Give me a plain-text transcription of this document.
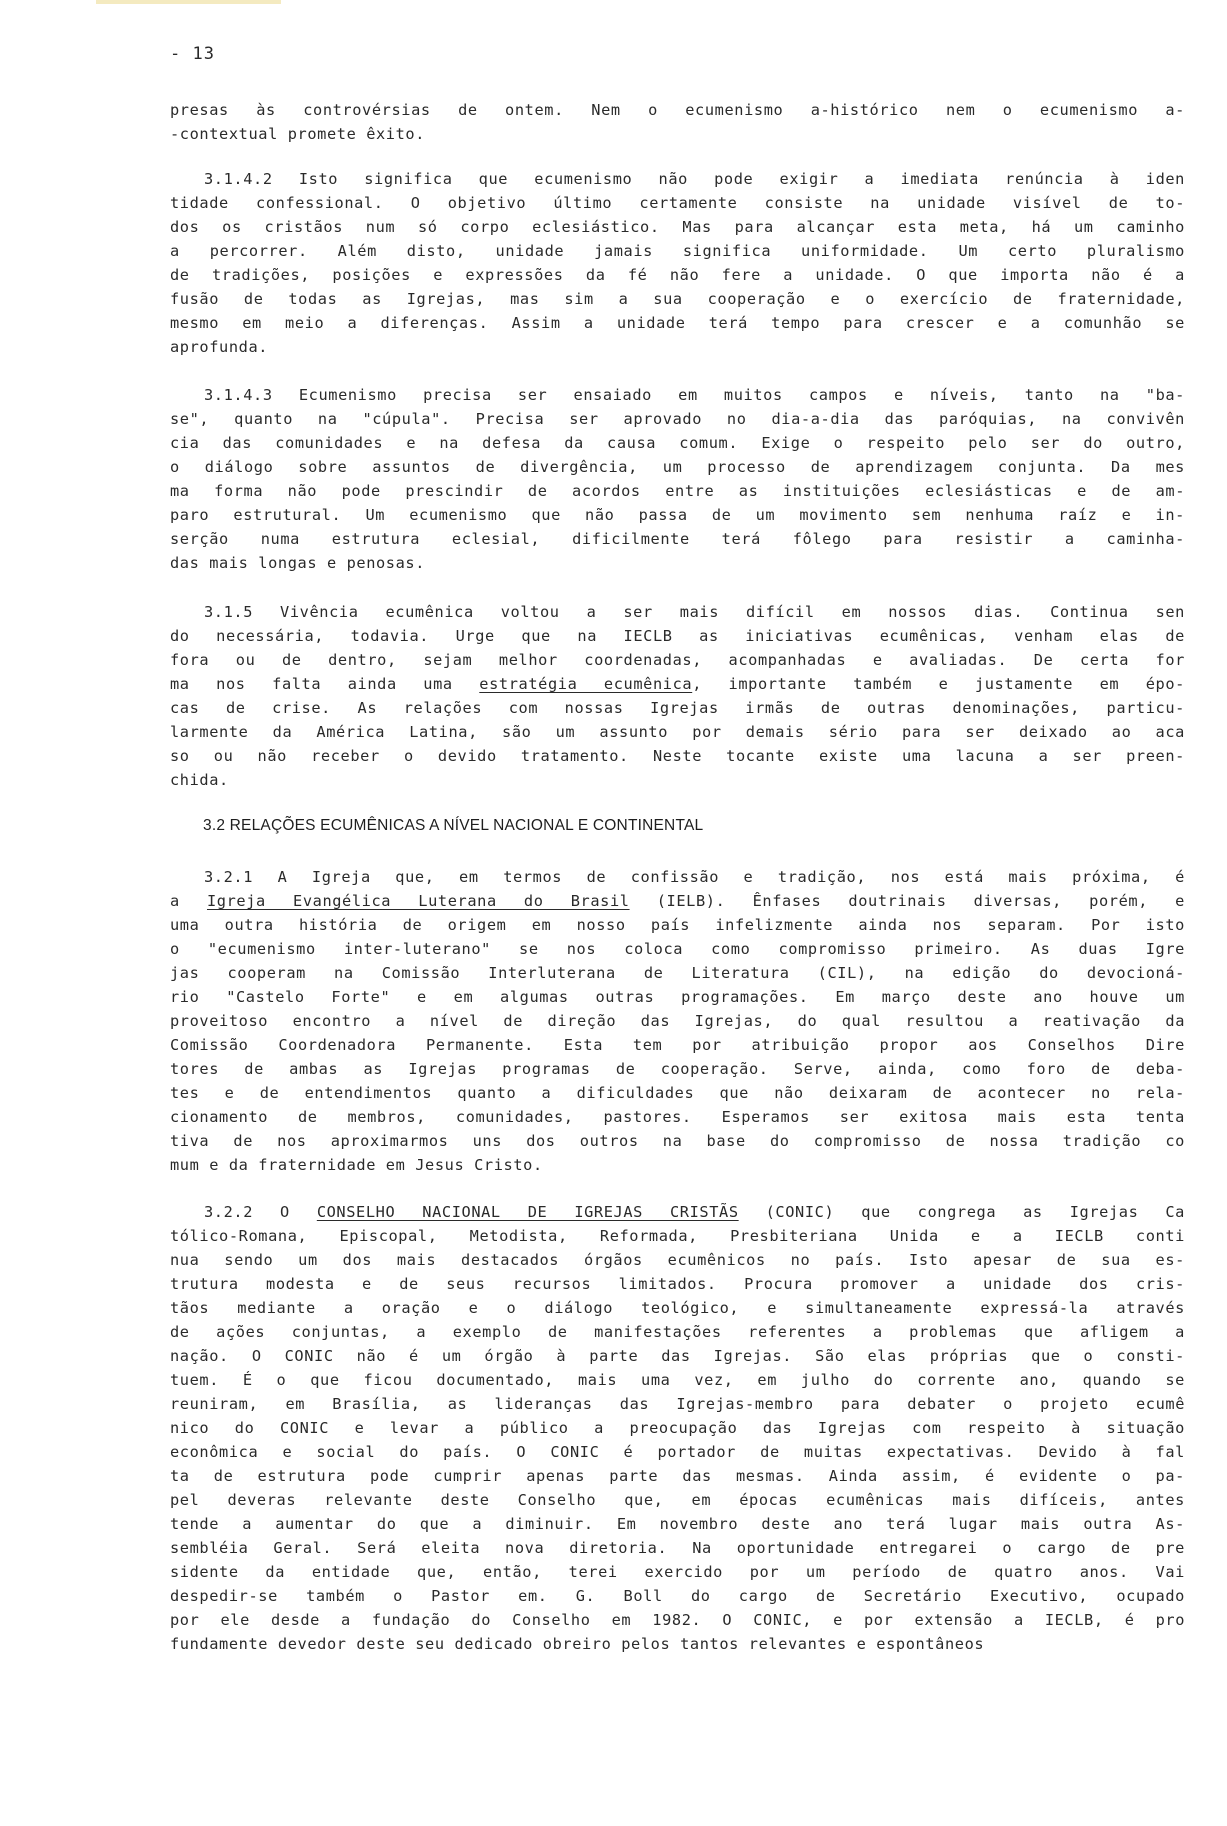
- 13
presas às controvérsias de ontem. Nem o ecumenismo a-histórico nem o ecumenismo a-
-contextual promete êxito.
3.1.4.2 Isto significa que ecumenismo não pode exigir a imediata renúncia à iden
tidade confessional. O objetivo último certamente consiste na unidade visível de to-
dos os cristãos num só corpo eclesiástico. Mas para alcançar esta meta, há um caminho
a percorrer. Além disto, unidade jamais significa uniformidade. Um certo pluralismo
de tradições, posições e expressões da fé não fere a unidade. O que importa não é a
fusão de todas as Igrejas, mas sim a sua cooperação e o exercício de fraternidade,
mesmo em meio a diferenças. Assim a unidade terá tempo para crescer e a comunhão se
aprofunda.
3.1.4.3 Ecumenismo precisa ser ensaiado em muitos campos e níveis, tanto na "ba-
se", quanto na "cúpula". Precisa ser aprovado no dia-a-dia das paróquias, na convivên
cia das comunidades e na defesa da causa comum. Exige o respeito pelo ser do outro,
o diálogo sobre assuntos de divergência, um processo de aprendizagem conjunta. Da mes
ma forma não pode prescindir de acordos entre as instituições eclesiásticas e de am-
paro estrutural. Um ecumenismo que não passa de um movimento sem nenhuma raíz e in-
serção numa estrutura eclesial, dificilmente terá fôlego para resistir a caminha-
das mais longas e penosas.
3.1.5 Vivência ecumênica voltou a ser mais difícil em nossos dias. Continua sen
do necessária, todavia. Urge que na IECLB as iniciativas ecumênicas, venham elas de
fora ou de dentro, sejam melhor coordenadas, acompanhadas e avaliadas. De certa for
ma nos falta ainda uma estratégia ecumênica, importante também e justamente em épo-
cas de crise. As relações com nossas Igrejas irmãs de outras denominações, particu-
larmente da América Latina, são um assunto por demais sério para ser deixado ao aca
so ou não receber o devido tratamento. Neste tocante existe uma lacuna a ser preen-
chida.
3.2 RELAÇÕES ECUMÊNICAS A NÍVEL NACIONAL E CONTINENTAL
3.2.1 A Igreja que, em termos de confissão e tradição, nos está mais próxima, é
a Igreja Evangélica Luterana do Brasil (IELB). Ênfases doutrinais diversas, porém, e
uma outra história de origem em nosso país infelizmente ainda nos separam. Por isto
o "ecumenismo inter-luterano" se nos coloca como compromisso primeiro. As duas Igre
jas cooperam na Comissão Interluterana de Literatura (CIL), na edição do devocioná-
rio "Castelo Forte" e em algumas outras programações. Em março deste ano houve um
proveitoso encontro a nível de direção das Igrejas, do qual resultou a reativação da
Comissão Coordenadora Permanente. Esta tem por atribuição propor aos Conselhos Dire
tores de ambas as Igrejas programas de cooperação. Serve, ainda, como foro de deba-
tes e de entendimentos quanto a dificuldades que não deixaram de acontecer no rela-
cionamento de membros, comunidades, pastores. Esperamos ser exitosa mais esta tenta
tiva de nos aproximarmos uns dos outros na base do compromisso de nossa tradição co
mum e da fraternidade em Jesus Cristo.
3.2.2 O CONSELHO NACIONAL DE IGREJAS CRISTÃS (CONIC) que congrega as Igrejas Ca
tólico-Romana, Episcopal, Metodista, Reformada, Presbiteriana Unida e a IECLB conti
nua sendo um dos mais destacados órgãos ecumênicos no país. Isto apesar de sua es-
trutura modesta e de seus recursos limitados. Procura promover a unidade dos cris-
tãos mediante a oração e o diálogo teológico, e simultaneamente expressá-la através
de ações conjuntas, a exemplo de manifestações referentes a problemas que afligem a
nação. O CONIC não é um órgão à parte das Igrejas. São elas próprias que o consti-
tuem. É o que ficou documentado, mais uma vez, em julho do corrente ano, quando se
reuniram, em Brasília, as lideranças das Igrejas-membro para debater o projeto ecumê
nico do CONIC e levar a público a preocupação das Igrejas com respeito à situação
econômica e social do país. O CONIC é portador de muitas expectativas. Devido à fal
ta de estrutura pode cumprir apenas parte das mesmas. Ainda assim, é evidente o pa-
pel deveras relevante deste Conselho que, em épocas ecumênicas mais difíceis, antes
tende a aumentar do que a diminuir. Em novembro deste ano terá lugar mais outra As-
sembléia Geral. Será eleita nova diretoria. Na oportunidade entregarei o cargo de pre
sidente da entidade que, então, terei exercido por um período de quatro anos. Vai
despedir-se também o Pastor em. G. Boll do cargo de Secretário Executivo, ocupado
por ele desde a fundação do Conselho em 1982. O CONIC, e por extensão a IECLB, é pro
fundamente devedor deste seu dedicado obreiro pelos tantos relevantes e espontâneos
